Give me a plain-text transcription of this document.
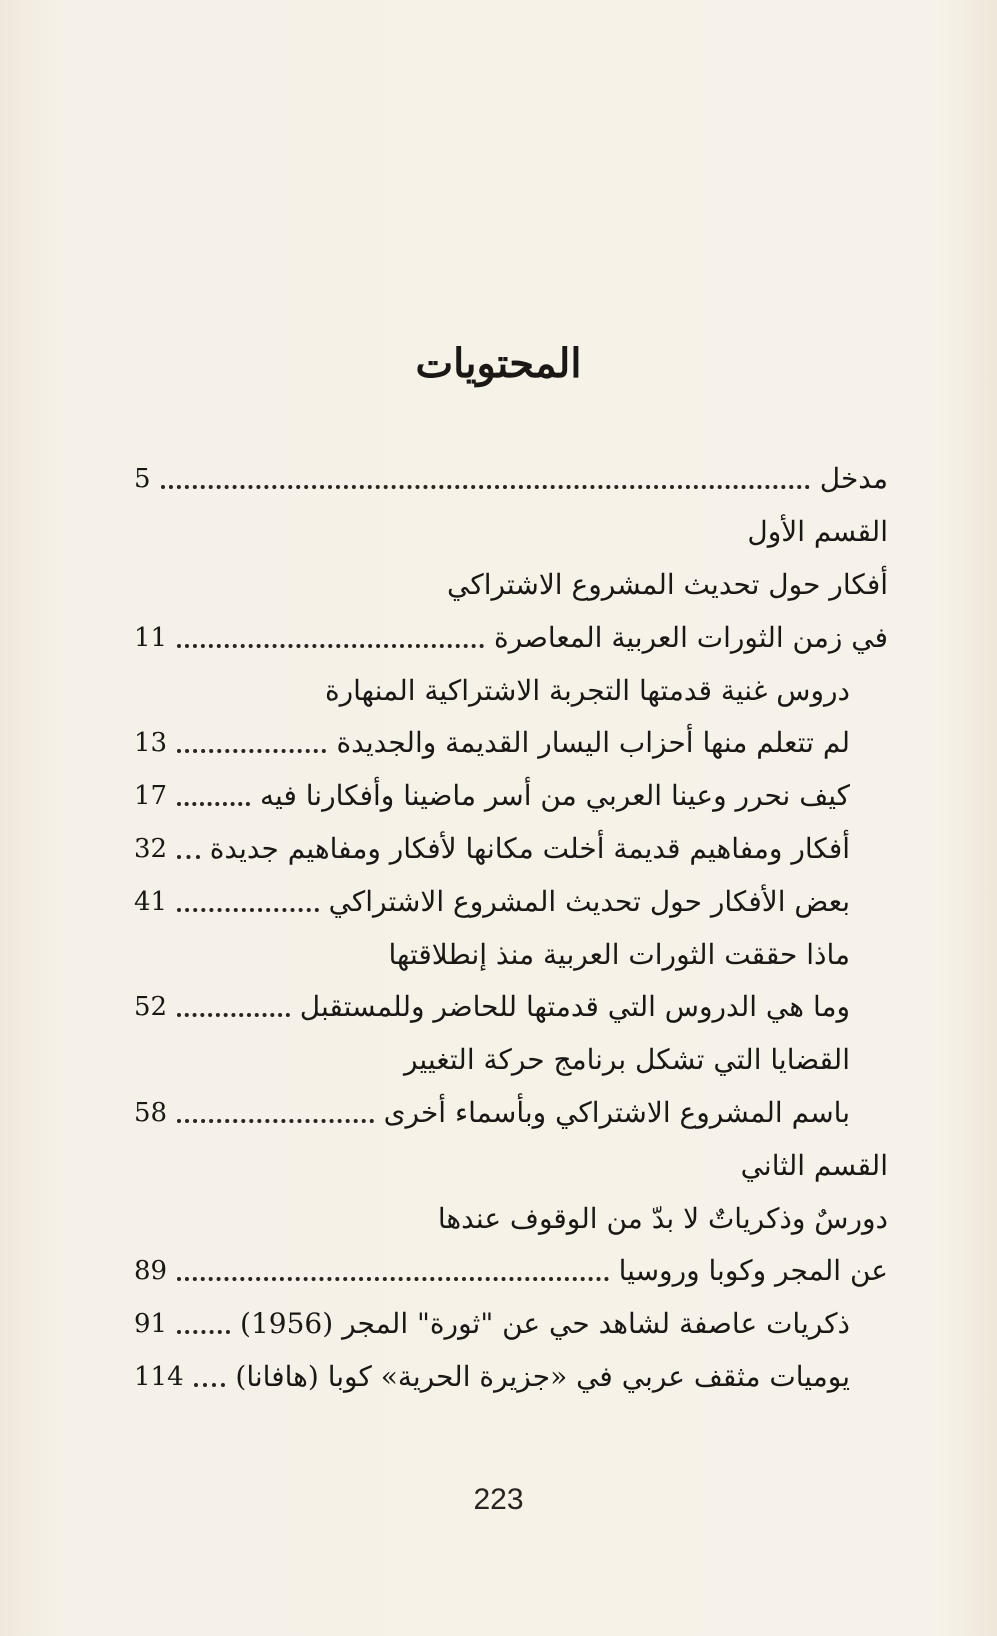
المحتويات
مدخل
5
القسم الأول
أفكار حول تحديث المشروع الاشتراكي
في زمن الثورات العربية المعاصرة
11
دروس غنية قدمتها التجربة الاشتراكية المنهارة
لم تتعلم منها أحزاب اليسار القديمة والجديدة
13
كيف نحرر وعينا العربي من أسر ماضينا وأفكارنا فيه
17
أفكار ومفاهيم قديمة أخلت مكانها لأفكار ومفاهيم جديدة
32
بعض الأفكار حول تحديث المشروع الاشتراكي
41
ماذا حققت الثورات العربية منذ إنطلاقتها
وما هي الدروس التي قدمتها للحاضر وللمستقبل
52
القضايا التي تشكل برنامج حركة التغيير
باسم المشروع الاشتراكي وبأسماء أخرى
58
القسم الثاني
دورسٌ وذكرياتٌ لا بدّ من الوقوف عندها
عن المجر وكوبا وروسيا
89
ذكريات عاصفة لشاهد حي عن "ثورة" المجر (1956)
91
يوميات مثقف عربي في «جزيرة الحرية» كوبا (هافانا)
114
223
